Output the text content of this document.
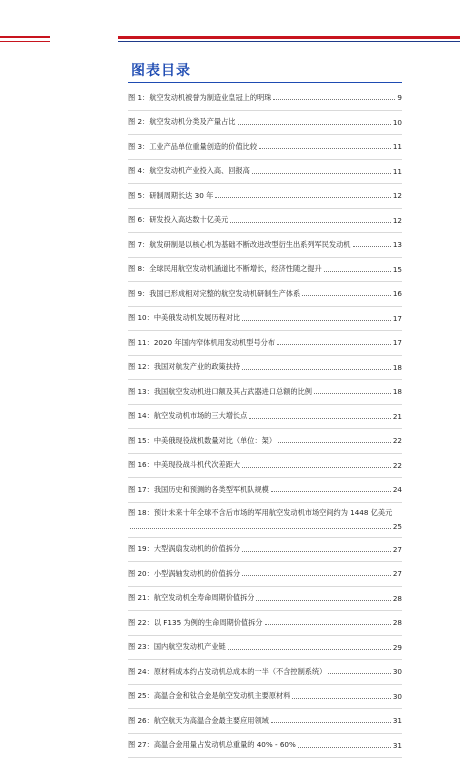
图表目录
图 1： 航空发动机被誉为制造业皇冠上的明珠	9
图 2： 航空发动机分类及产量占比	10
图 3： 工业产品单位重量创造的价值比较	11
图 4： 航空发动机产业投入高、回报高	11
图 5： 研制周期长达 30 年	12
图 6： 研发投入高达数十亿美元	12
图 7： 航发研制是以核心机为基础不断改进改型衍生出系列军民发动机	13
图 8： 全球民用航空发动机涵道比不断增长，经济性随之提升	15
图 9： 我国已形成相对完整的航空发动机研制生产体系	16
图 10： 中美俄发动机发展历程对比	17
图 11： 2020 年国内窄体机用发动机型号分布	17
图 12： 我国对航发产业的政策扶持	18
图 13： 我国航空发动机进口额及其占武器进口总额的比例	18
图 14： 航空发动机市场的三大增长点	21
图 15： 中美俄现役战机数量对比（单位：架）	22
图 16： 中美现役战斗机代次差距大	22
图 17： 我国历史和预测的各类型军机队规模	24
图 18： 预计未来十年全球不含后市场的军用航空发动机市场空间约为 1448 亿美元
25
图 19： 大型涡扇发动机的价值拆分	27
图 20： 小型涡轴发动机的价值拆分	27
图 21： 航空发动机全寿命周期价值拆分	28
图 22： 以 F135 为例的生命周期价值拆分	28
图 23： 国内航空发动机产业链	29
图 24： 原材料成本约占发动机总成本的一半（不含控制系统）	30
图 25： 高温合金和钛合金是航空发动机主要原材料	30
图 26： 航空航天为高温合金最主要应用领域	31
图 27： 高温合金用量占发动机总重量的 40% - 60%	31
